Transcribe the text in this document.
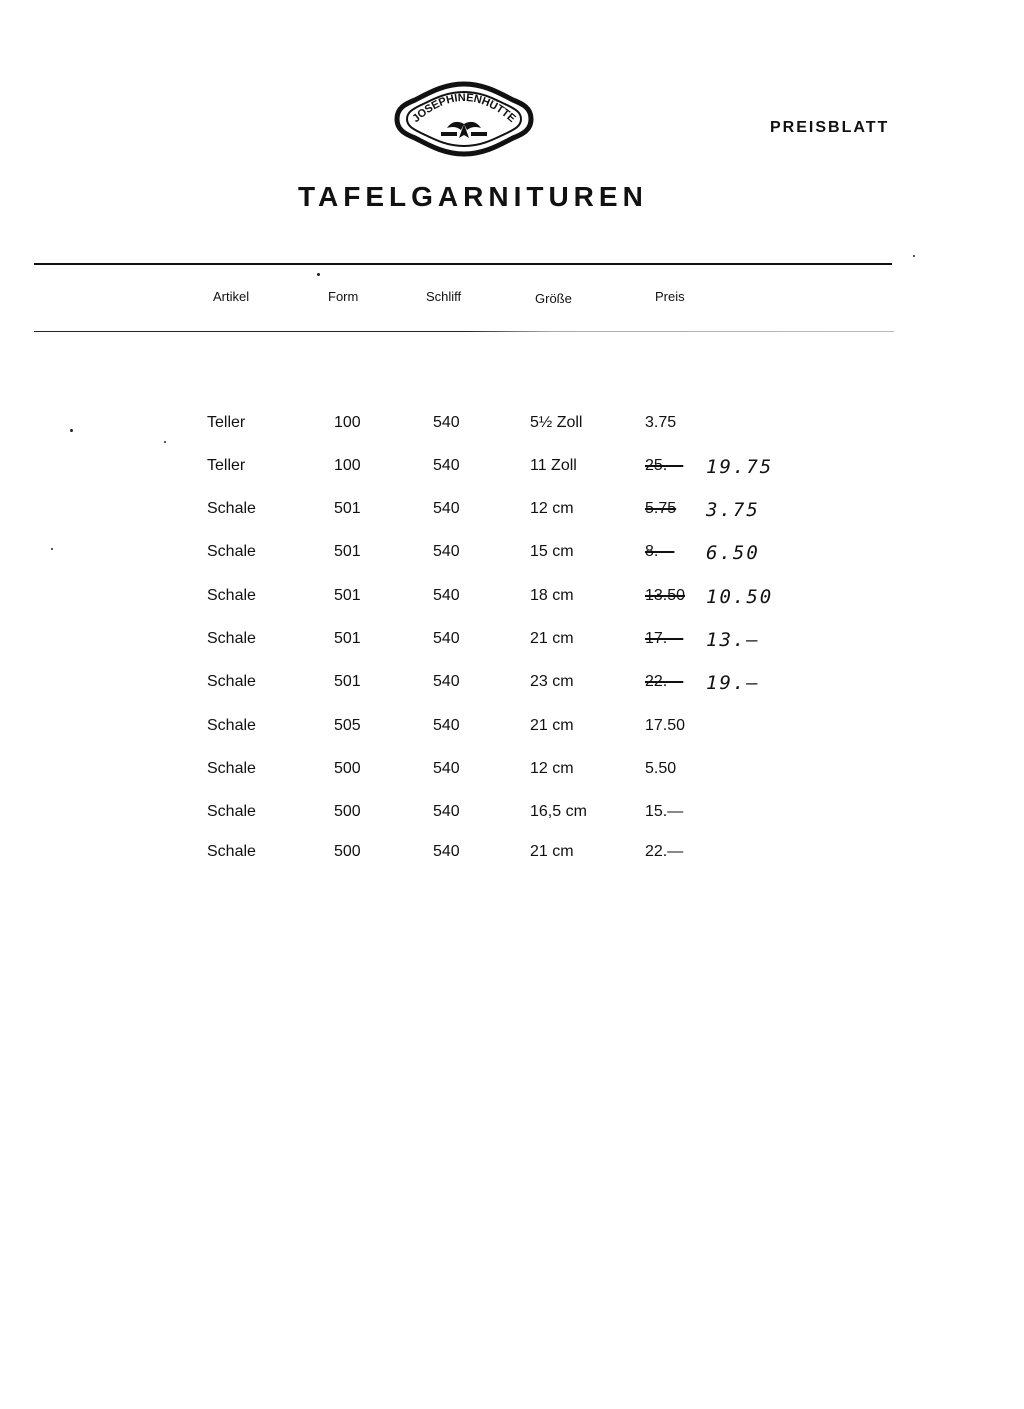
JOSEPHINENHÜTTE
PREISBLATT
TAFELGARNITUREN
Artikel	Form	Schliff	Größe	Preis
Teller	100	540	5½ Zoll	3.75
Teller	100	540	11 Zoll	25.— 19.75
Schale	501	540	12 cm	5.75 3.75
Schale	501	540	15 cm	8.— 6.50
Schale	501	540	18 cm	13.50 10.50
Schale	501	540	21 cm	17.— 13.—
Schale	501	540	23 cm	22.— 19.—
Schale	505	540	21 cm	17.50
Schale	500	540	12 cm	5.50
Schale	500	540	16,5 cm	15.—
Schale	500	540	21 cm	22.—
